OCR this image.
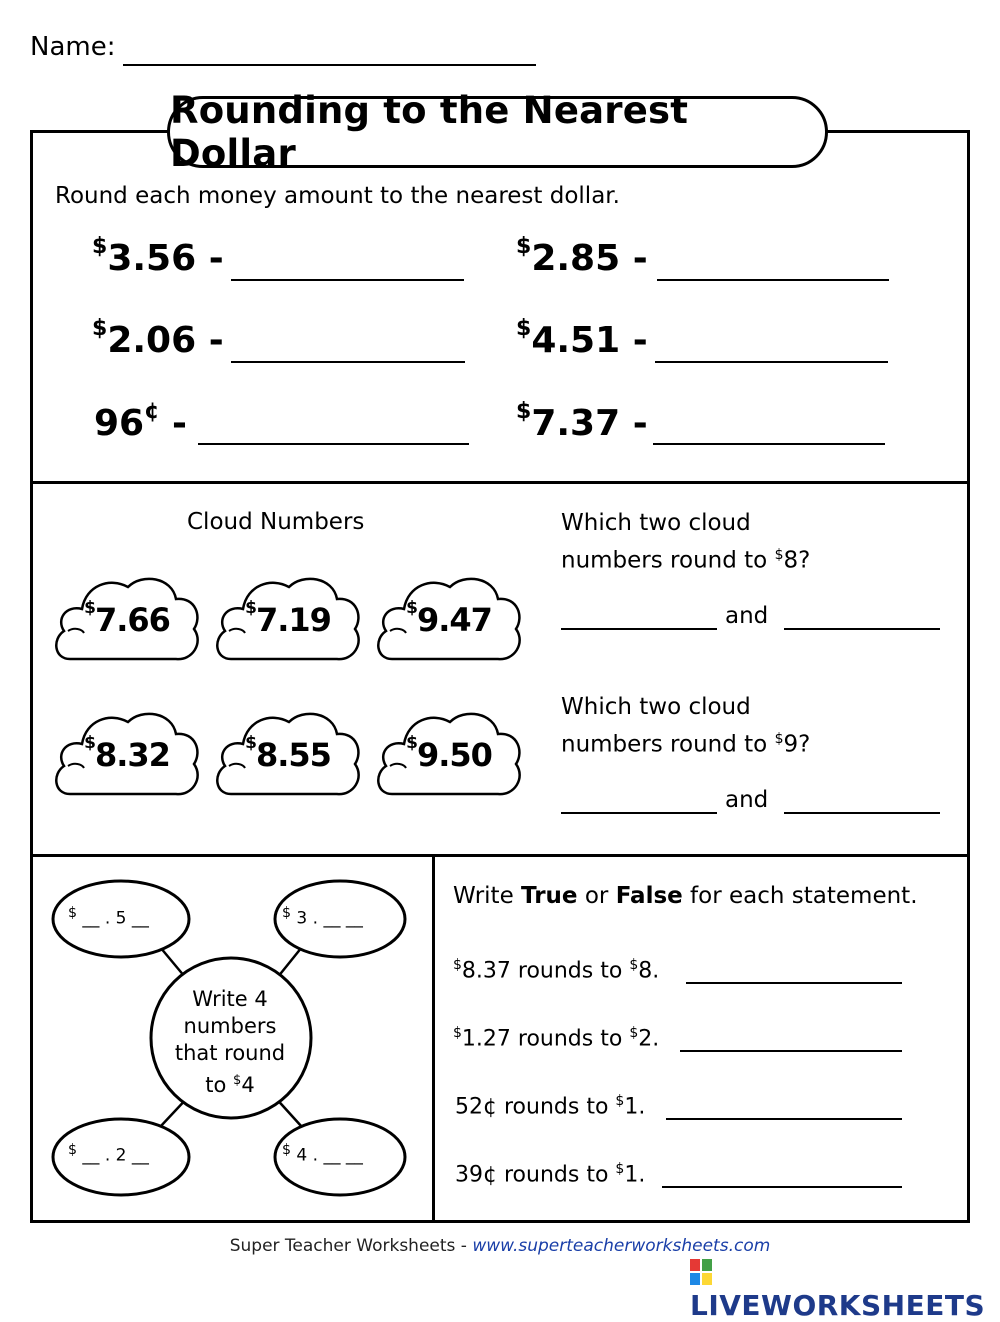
Name:
Rounding to the Nearest Dollar
Round each money amount to the nearest dollar.
$3.56 -	$2.85 -
$2.06 -	$4.51 -
96¢ -	$7.37 -
Cloud Numbers
$7.66	$7.19	$9.47
$8.32	$8.55	$9.50
Which two cloud
numbers round to $8?
and
Which two cloud
numbers round to $9?
and
$ __ . 5 __	$ 3 . __ __
$ __ . 2 __	$ 4 . __ __
Write 4
numbers
that round
to $4
Write True or False for each statement.
$8.37 rounds to $8.
$1.27 rounds to $2.
52¢ rounds to $1.
39¢ rounds to $1.
Super Teacher Worksheets - www.superteacherworksheets.com
LIVEWORKSHEETS
